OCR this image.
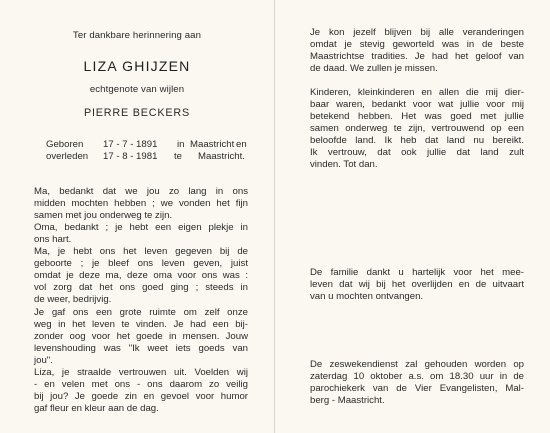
Ter dankbare herinnering aan
LIZA GHIJZEN
echtgenote van wijlen
PIERRE BECKERS
Geboren 17 - 7 - 1891 in Maastricht en
overleden 17 - 8 - 1981 te Maastricht.
Ma, bedankt dat we jou zo lang in ons
midden mochten hebben ; we vonden het fijn
samen met jou onderweg te zijn.
Oma, bedankt ; je hebt een eigen plekje in
ons hart.
Ma, je hebt ons het leven gegeven bij de
geboorte ; je bleef ons leven geven, juist
omdat je deze ma, deze oma voor ons was :
vol zorg dat het ons goed ging ; steeds in
de weer, bedrijvig.
Je gaf ons een grote ruimte om zelf onze
weg in het leven te vinden. Je had een bij-
zonder oog voor het goede in mensen. Jouw
levenshouding was "Ik weet iets goeds van
jou".
Liza, je straalde vertrouwen uit. Voelden wij
- en velen met ons - ons daarom zo veilig
bij jou? Je goede zin en gevoel voor humor
gaf fleur en kleur aan de dag.
Je kon jezelf blijven bij alle veranderingen
omdat je stevig geworteld was in de beste
Maastrichtse tradities. Je had het geloof van
de daad. We zullen je missen.
Kinderen, kleinkinderen en allen die mij dier-
baar waren, bedankt voor wat jullie voor mij
betekend hebben. Het was goed met jullie
samen onderweg te zijn, vertrouwend op een
beloofde land. Ik heb dat land nu bereikt.
Ik vertrouw, dat ook jullie dat land zult
vinden. Tot dan.
De familie dankt u hartelijk voor het mee-
leven dat wij bij het overlijden en de uitvaart
van u mochten ontvangen.
De zeswekendienst zal gehouden worden op
zaterdag 10 oktober a.s. om 18.30 uur in de
parochiekerk van de Vier Evangelisten, Mal-
berg - Maastricht.
